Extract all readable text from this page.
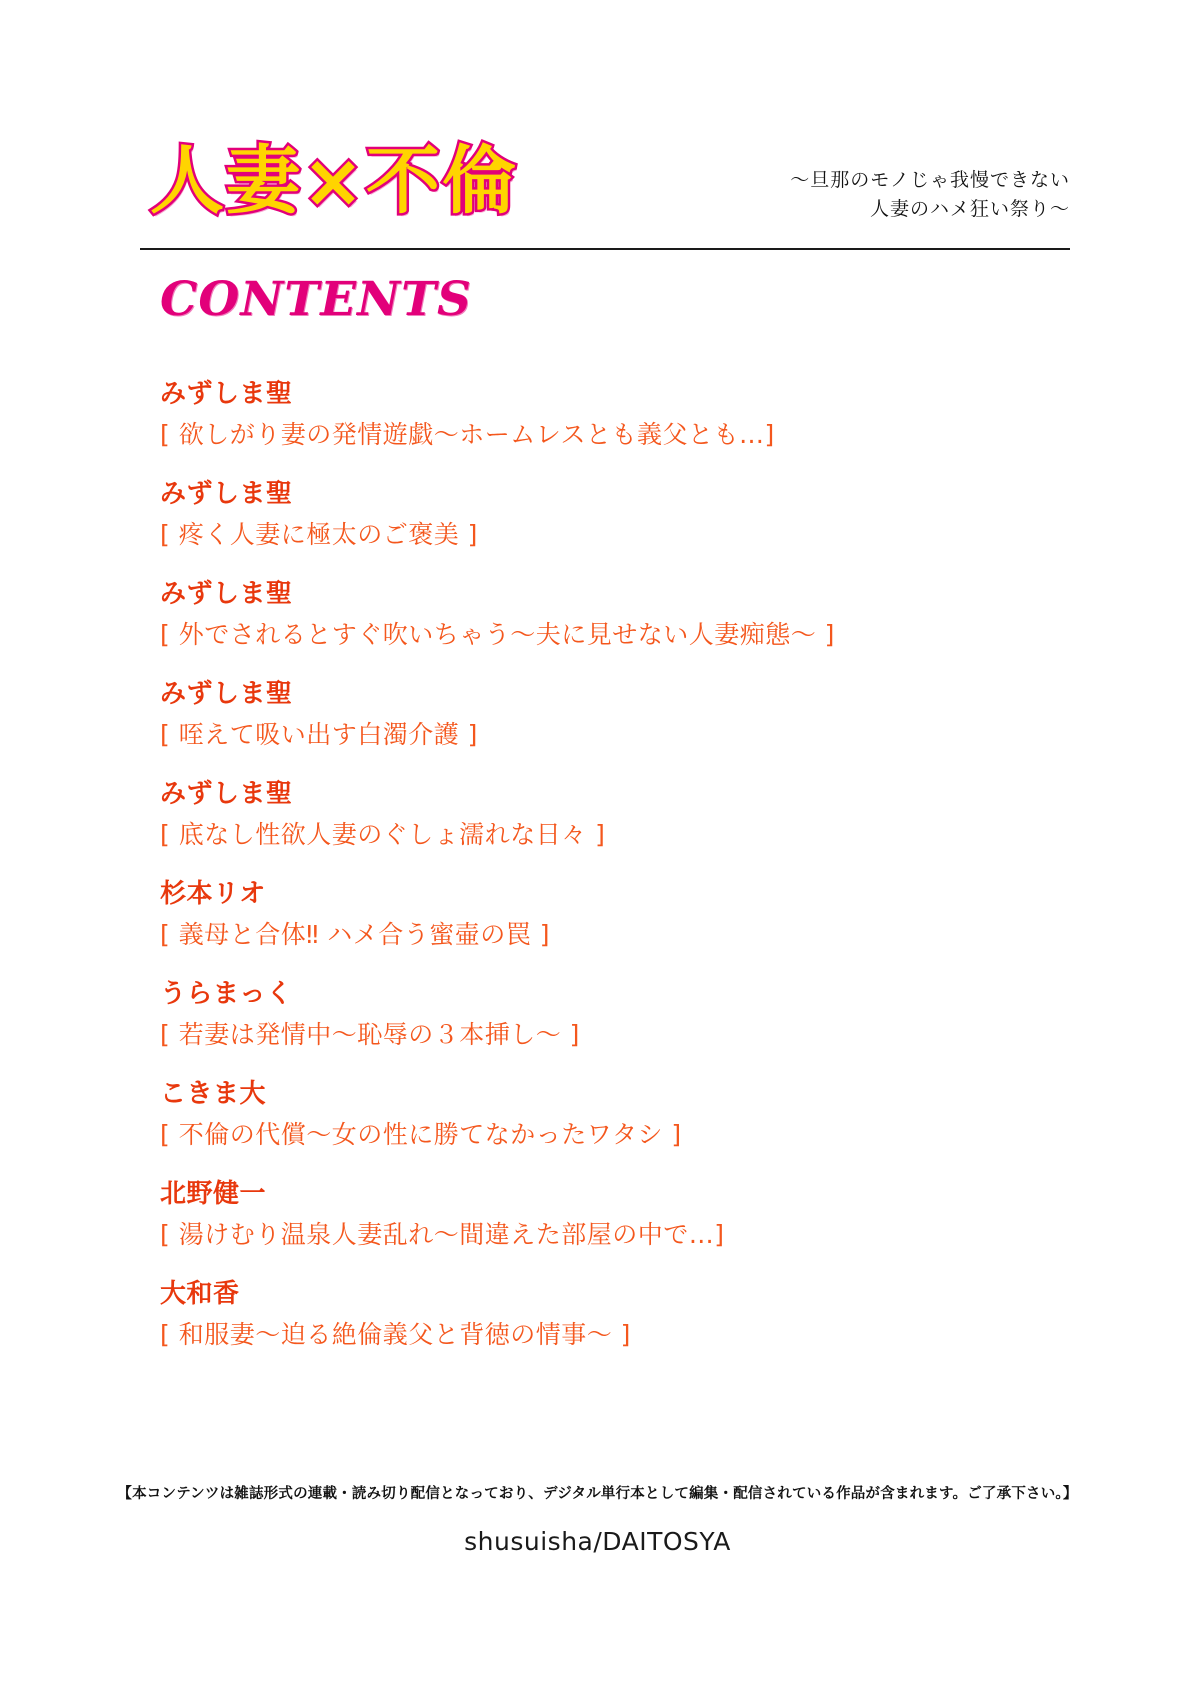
人妻×不倫	〜旦那のモノじゃ我慢できない
人妻のハメ狂い祭り〜
CONTENTS
みずしま聖
[ 欲しがり妻の発情遊戯〜ホームレスとも義父とも…]
みずしま聖
[ 疼く人妻に極太のご褒美 ]
みずしま聖
[ 外でされるとすぐ吹いちゃう〜夫に見せない人妻痴態〜 ]
みずしま聖
[ 咥えて吸い出す白濁介護 ]
みずしま聖
[ 底なし性欲人妻のぐしょ濡れな日々 ]
杉本リオ
[ 義母と合体‼ ハメ合う蜜壷の罠 ]
うらまっく
[ 若妻は発情中〜恥辱の３本挿し〜 ]
こきま大
[ 不倫の代償〜女の性に勝てなかったワタシ ]
北野健一
[ 湯けむり温泉人妻乱れ〜間違えた部屋の中で…]
大和香
[ 和服妻〜迫る絶倫義父と背徳の情事〜 ]
【本コンテンツは雑誌形式の連載・読み切り配信となっており、デジタル単行本として編集・配信されている作品が含まれます。ご了承下さい。】
shusuisha/DAITOSYA
